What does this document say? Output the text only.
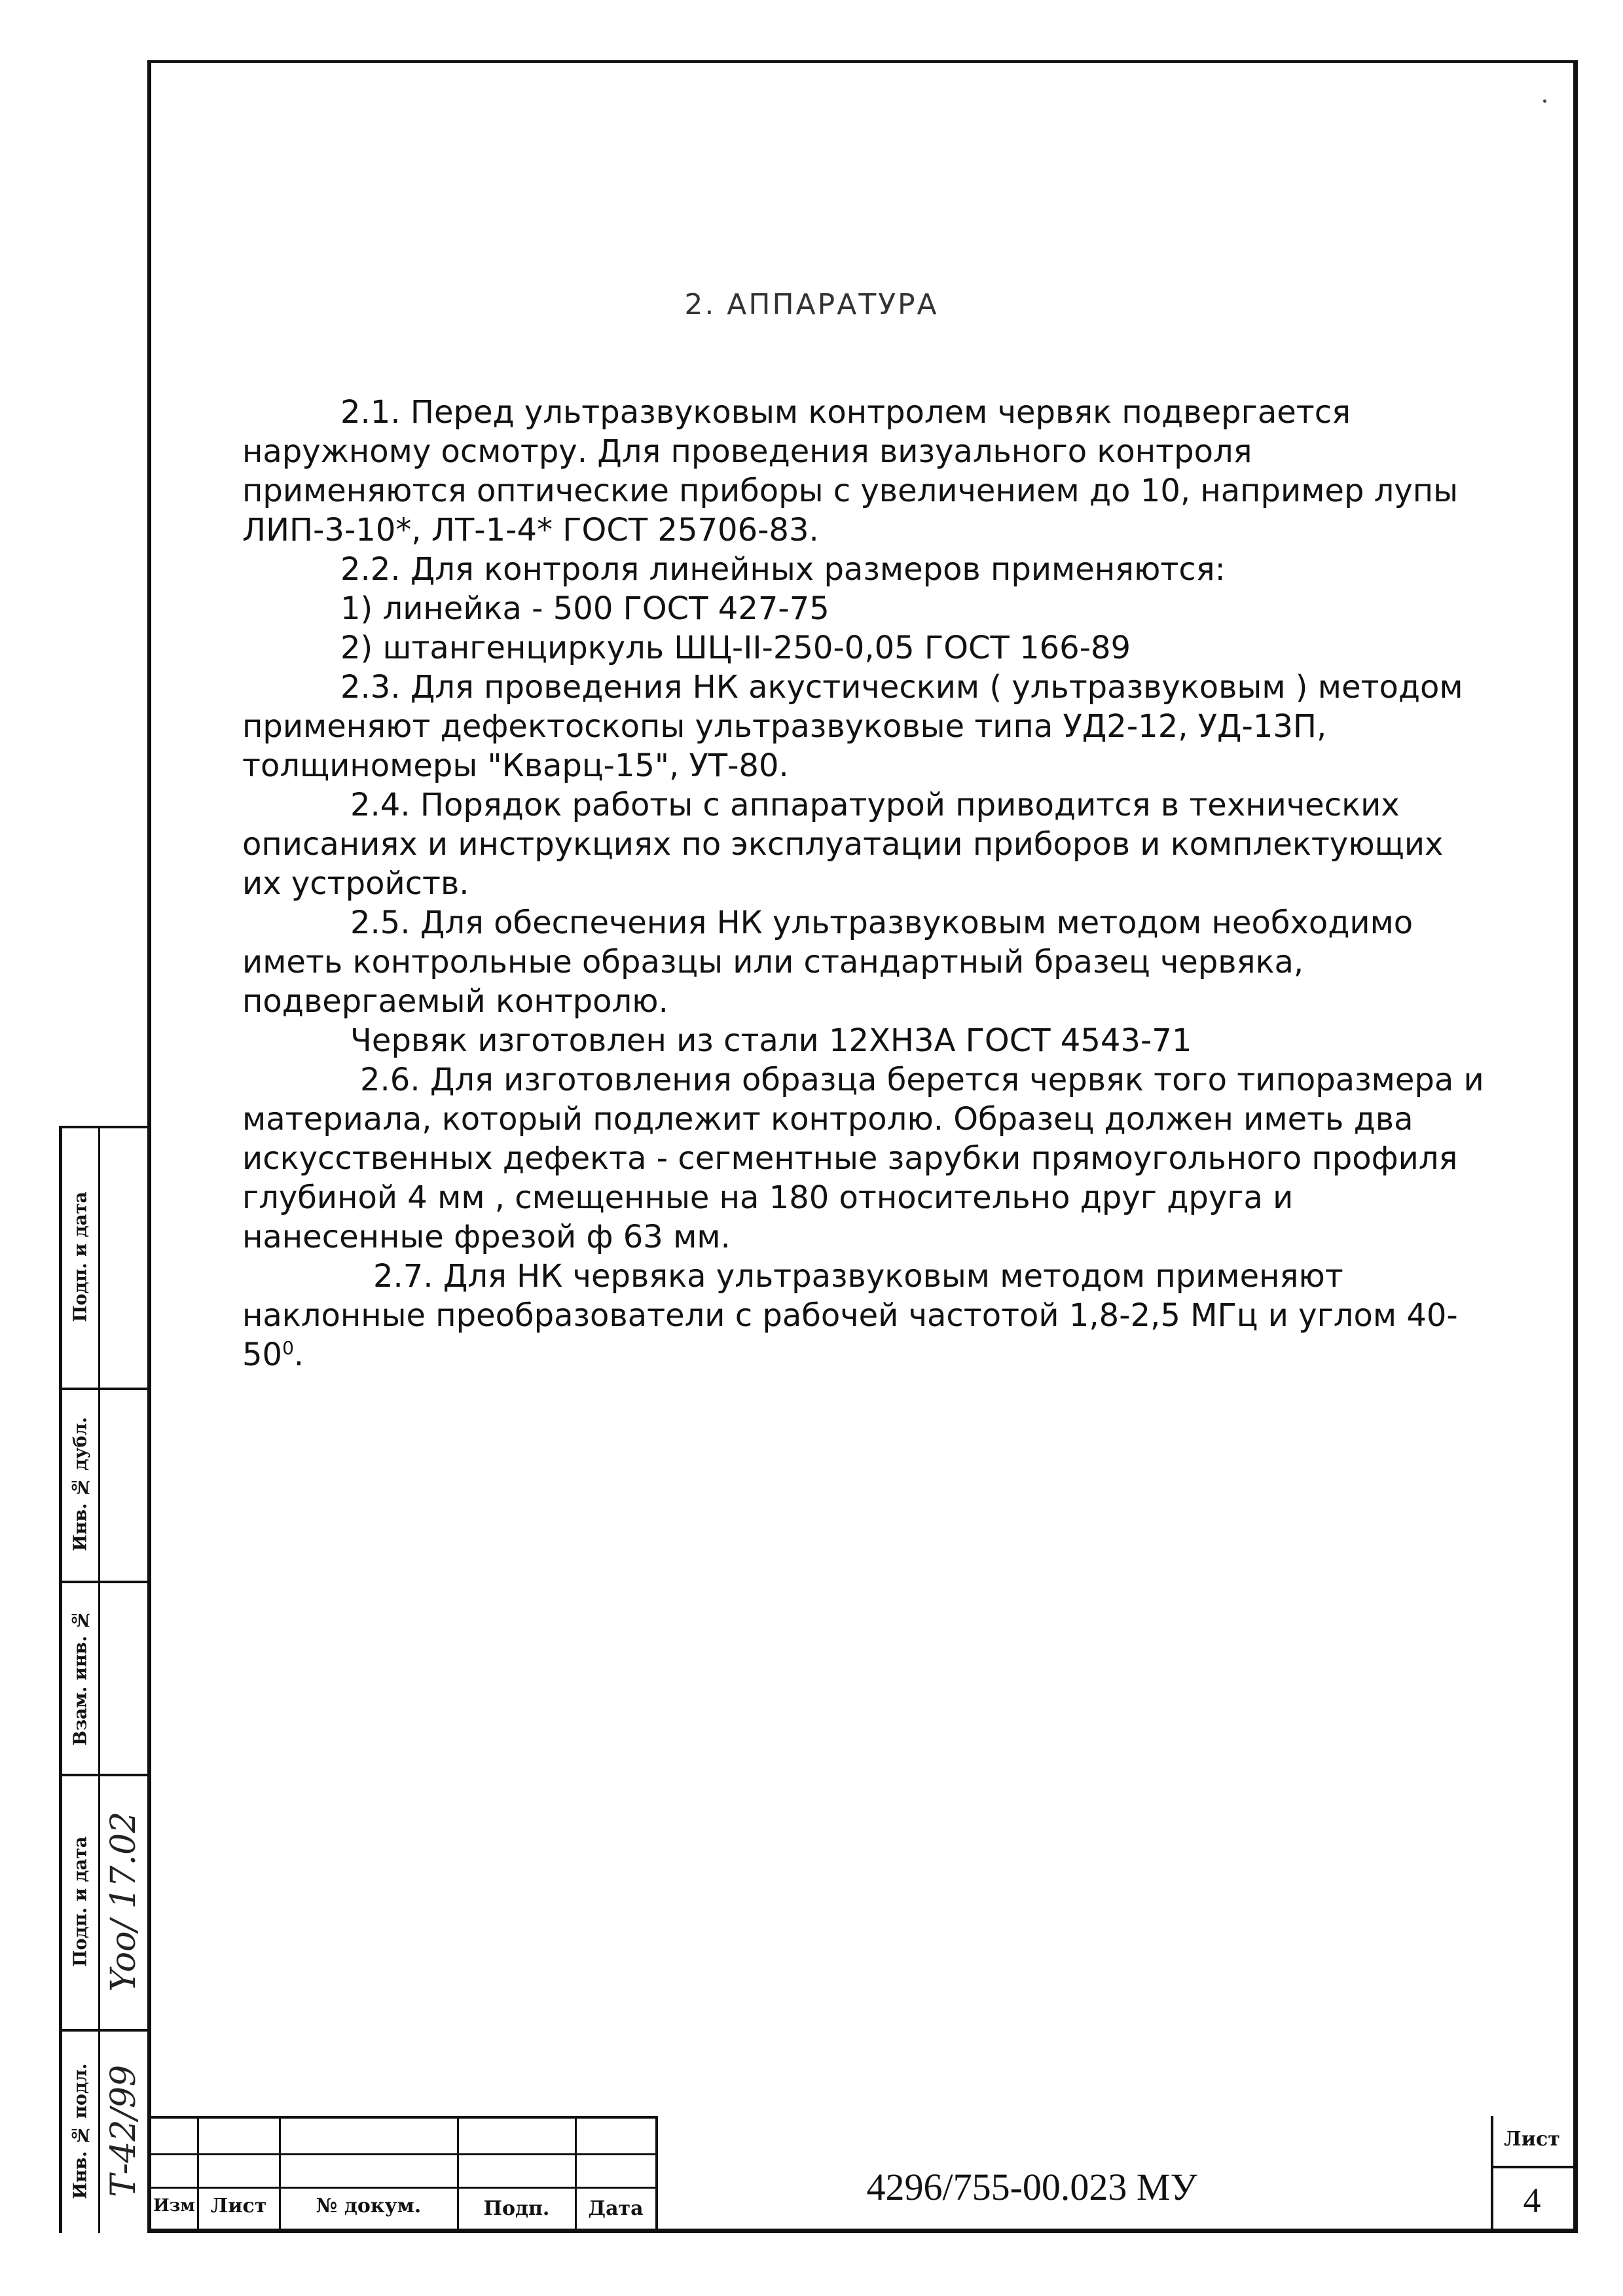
2. АППАРАТУРА

2.1. Перед ультразвуковым контролем червяк подвергается наружному осмотру. Для проведения визуального контроля применяются оптические приборы с увеличением до 10, например лупы ЛИП-3-10*, ЛТ-1-4* ГОСТ 25706-83.

2.2. Для контроля линейных размеров применяются:

1) линейка - 500 ГОСТ 427-75

2) штангенциркуль ШЦ-II-250-0,05 ГОСТ 166-89

2.3. Для проведения НК акустическим ( ультразвуковым ) методом применяют дефектоскопы ультразвуковые типа УД2-12, УД-13П, толщиномеры "Кварц-15", УТ-80.

2.4. Порядок работы с аппаратурой приводится в технических описаниях и инструкциях по эксплуатации приборов и комплектующих их устройств.

2.5. Для обеспечения НК ультразвуковым методом необходимо иметь контрольные образцы или стандартный бразец червяка, подвергаемый контролю.

Червяк изготовлен из стали 12ХН3А ГОСТ 4543-71

2.6. Для изготовления образца берется червяк того типоразмера и материала, который подлежит контролю. Образец должен иметь два искусственных дефекта - сегментные зарубки прямоугольного профиля глубиной 4 мм , смещенные на 180 относительно друг друга и нанесенные фрезой ф 63 мм.

2.7. Для НК червяка ультразвуковым методом применяют наклонные преобразователи с рабочей частотой 1,8-2,5 МГц и углом $40-50^0$.

Подп. и дата
Инв. № дубл.
Взам. инв. №
Подп. и дата
Инв. № подл.
Yoo/ 17.02
Т-42/99
Изм Лист	№ докум.	Подп.	Дата
4296/755-00.023 МУ
Лист
4
